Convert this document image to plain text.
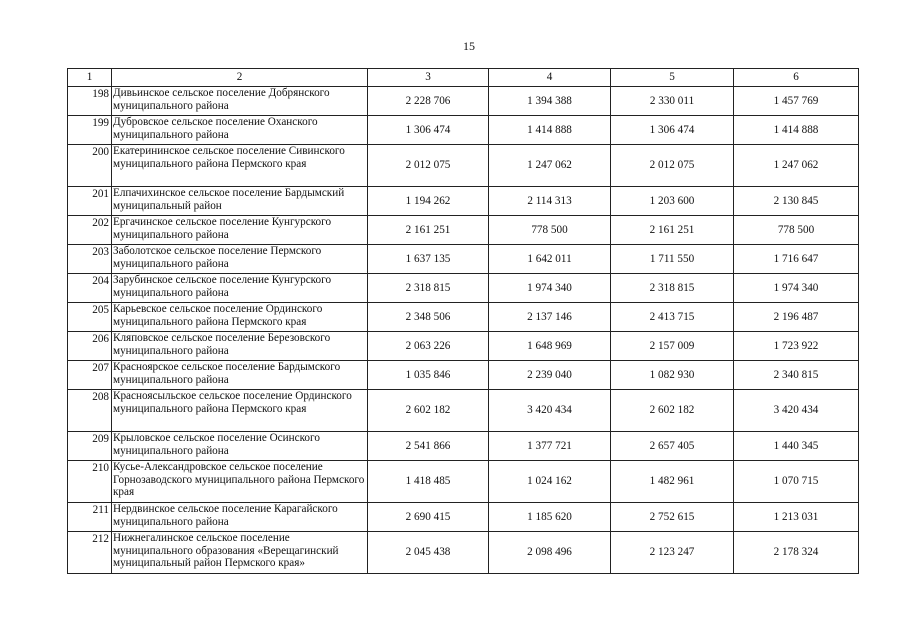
15
1	2	3	4	5	6
198	Дивьинское сельское поселение Добрянского муниципального района	2 228 706	1 394 388	2 330 011	1 457 769
199	Дубровское сельское поселение Оханского муниципального района	1 306 474	1 414 888	1 306 474	1 414 888
200	Екатерининское сельское поселение Сивинского муниципального района Пермского края	2 012 075	1 247 062	2 012 075	1 247 062
201	Елпачихинское сельское поселение Бардымский муниципальный район	1 194 262	2 114 313	1 203 600	2 130 845
202	Ергачинское сельское поселение Кунгурского муниципального района	2 161 251	778 500	2 161 251	778 500
203	Заболотское сельское поселение Пермского муниципального района	1 637 135	1 642 011	1 711 550	1 716 647
204	Зарубинское сельское поселение Кунгурского муниципального района	2 318 815	1 974 340	2 318 815	1 974 340
205	Карьевское сельское поселение Ординского муниципального района Пермского края	2 348 506	2 137 146	2 413 715	2 196 487
206	Кляповское сельское поселение Березовского муниципального района	2 063 226	1 648 969	2 157 009	1 723 922
207	Красноярское сельское поселение Бардымского муниципального района	1 035 846	2 239 040	1 082 930	2 340 815
208	Красноясыльское сельское поселение Ординского муниципального района Пермского края	2 602 182	3 420 434	2 602 182	3 420 434
209	Крыловское сельское поселение Осинского муниципального района	2 541 866	1 377 721	2 657 405	1 440 345
210	Кусье-Александровское сельское поселение Горнозаводского муниципального района Пермского края	1 418 485	1 024 162	1 482 961	1 070 715
211	Нердвинское сельское поселение Карагайского муниципального района	2 690 415	1 185 620	2 752 615	1 213 031
212	Нижнегалинское сельское поселение муниципального образования «Верещагинский муниципальный район Пермского края»	2 045 438	2 098 496	2 123 247	2 178 324
